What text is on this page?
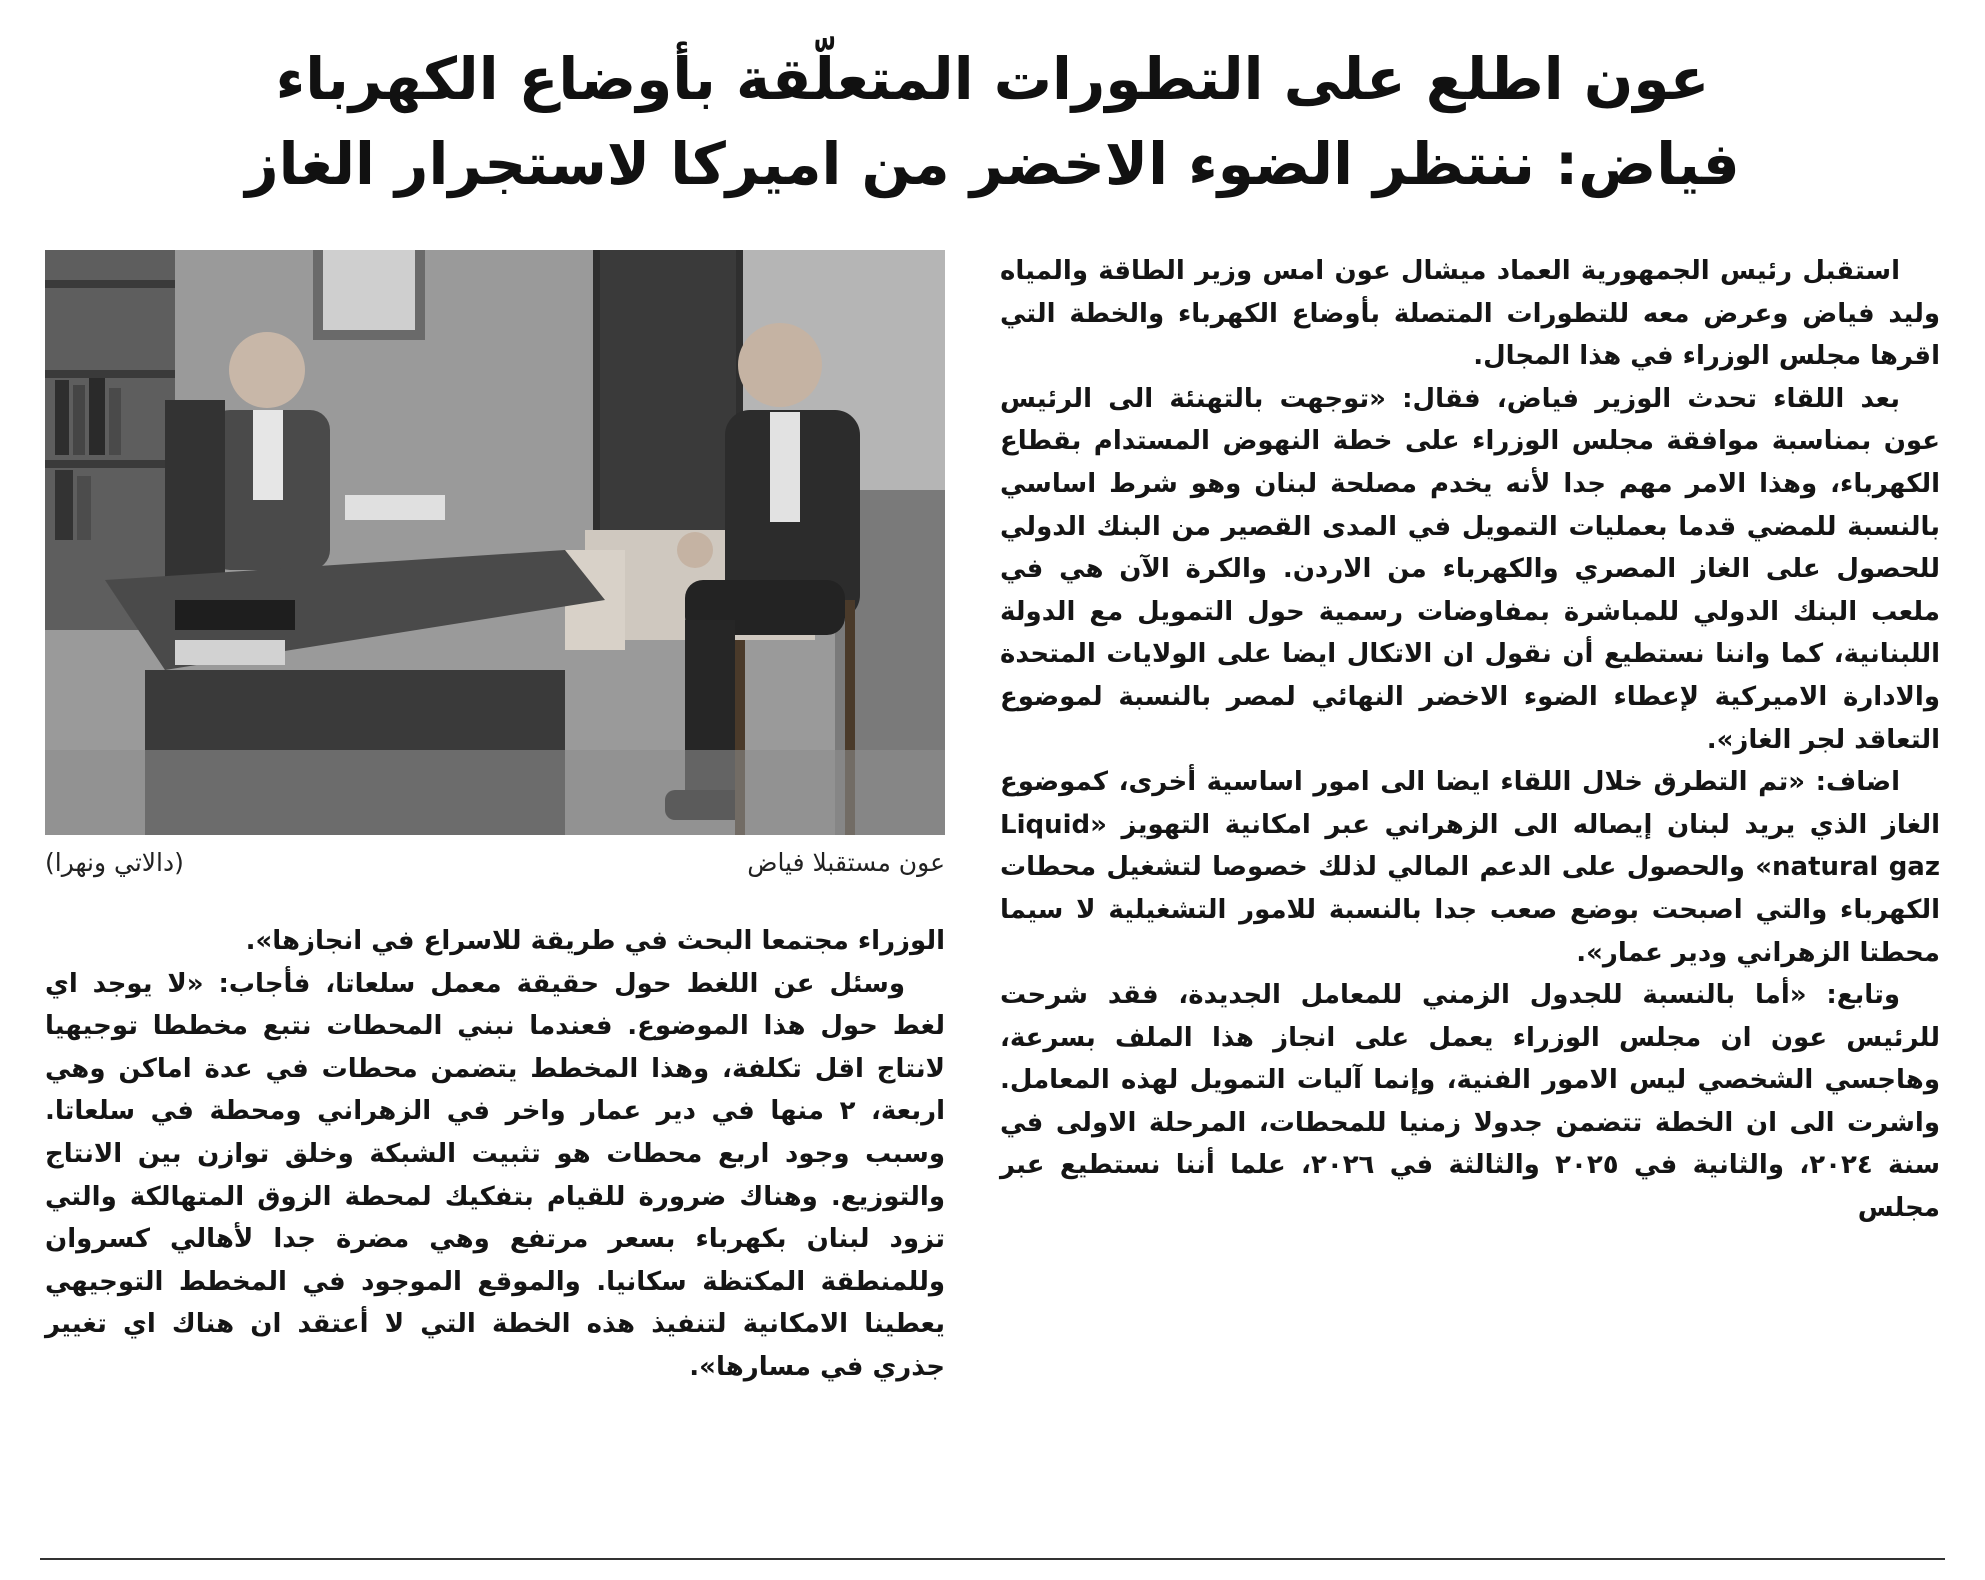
عون اطلع على التطورات المتعلّقة بأوضاع الكهرباء
فياض: ننتظر الضوء الاخضر من اميركا لاستجرار الغاز

استقبل رئيس الجمهورية العماد ميشال عون امس وزير الطاقة والمياه وليد فياض وعرض معه للتطورات المتصلة بأوضاع الكهرباء والخطة التي اقرها مجلس الوزراء في هذا المجال.

بعد اللقاء تحدث الوزير فياض، فقال: «توجهت بالتهنئة الى الرئيس عون بمناسبة موافقة مجلس الوزراء على خطة النهوض المستدام بقطاع الكهرباء، وهذا الامر مهم جدا لأنه يخدم مصلحة لبنان وهو شرط اساسي بالنسبة للمضي قدما بعمليات التمويل في المدى القصير من البنك الدولي للحصول على الغاز المصري والكهرباء من الاردن. والكرة الآن هي في ملعب البنك الدولي للمباشرة بمفاوضات رسمية حول التمويل مع الدولة اللبنانية، كما واننا نستطيع أن نقول ان الاتكال ايضا على الولايات المتحدة والادارة الاميركية لإعطاء الضوء الاخضر النهائي لمصر بالنسبة لموضوع التعاقد لجر الغاز».

اضاف: «تم التطرق خلال اللقاء ايضا الى امور اساسية أخرى، كموضوع الغاز الذي يريد لبنان إيصاله الى الزهراني عبر امكانية التهويز «Liquid natural gaz» والحصول على الدعم المالي لذلك خصوصا لتشغيل محطات الكهرباء والتي اصبحت بوضع صعب جدا بالنسبة للامور التشغيلية لا سيما محطتا الزهراني ودير عمار».

وتابع: «أما بالنسبة للجدول الزمني للمعامل الجديدة، فقد شرحت للرئيس عون ان مجلس الوزراء يعمل على انجاز هذا الملف بسرعة، وهاجسي الشخصي ليس الامور الفنية، وإنما آليات التمويل لهذه المعامل. واشرت الى ان الخطة تتضمن جدولا زمنيا للمحطات، المرحلة الاولى في سنة ٢٠٢٤، والثانية في ٢٠٢٥ والثالثة في ٢٠٢٦، علما أننا نستطيع عبر مجلس

عون مستقبلا فياض
(دالاتي ونهرا)

الوزراء مجتمعا البحث في طريقة للاسراع في انجازها».

وسئل عن اللغط حول حقيقة معمل سلعاتا، فأجاب: «لا يوجد اي لغط حول هذا الموضوع. فعندما نبني المحطات نتبع مخططا توجيهيا لانتاج اقل تكلفة، وهذا المخطط يتضمن محطات في عدة اماكن وهي اربعة، ٢ منها في دير عمار واخر في الزهراني ومحطة في سلعاتا. وسبب وجود اربع محطات هو تثبيت الشبكة وخلق توازن بين الانتاج والتوزيع. وهناك ضرورة للقيام بتفكيك لمحطة الزوق المتهالكة والتي تزود لبنان بكهرباء بسعر مرتفع وهي مضرة جدا لأهالي كسروان وللمنطقة المكتظة سكانيا. والموقع الموجود في المخطط التوجيهي يعطينا الامكانية لتنفيذ هذه الخطة التي لا أعتقد ان هناك اي تغيير جذري في مسارها».
